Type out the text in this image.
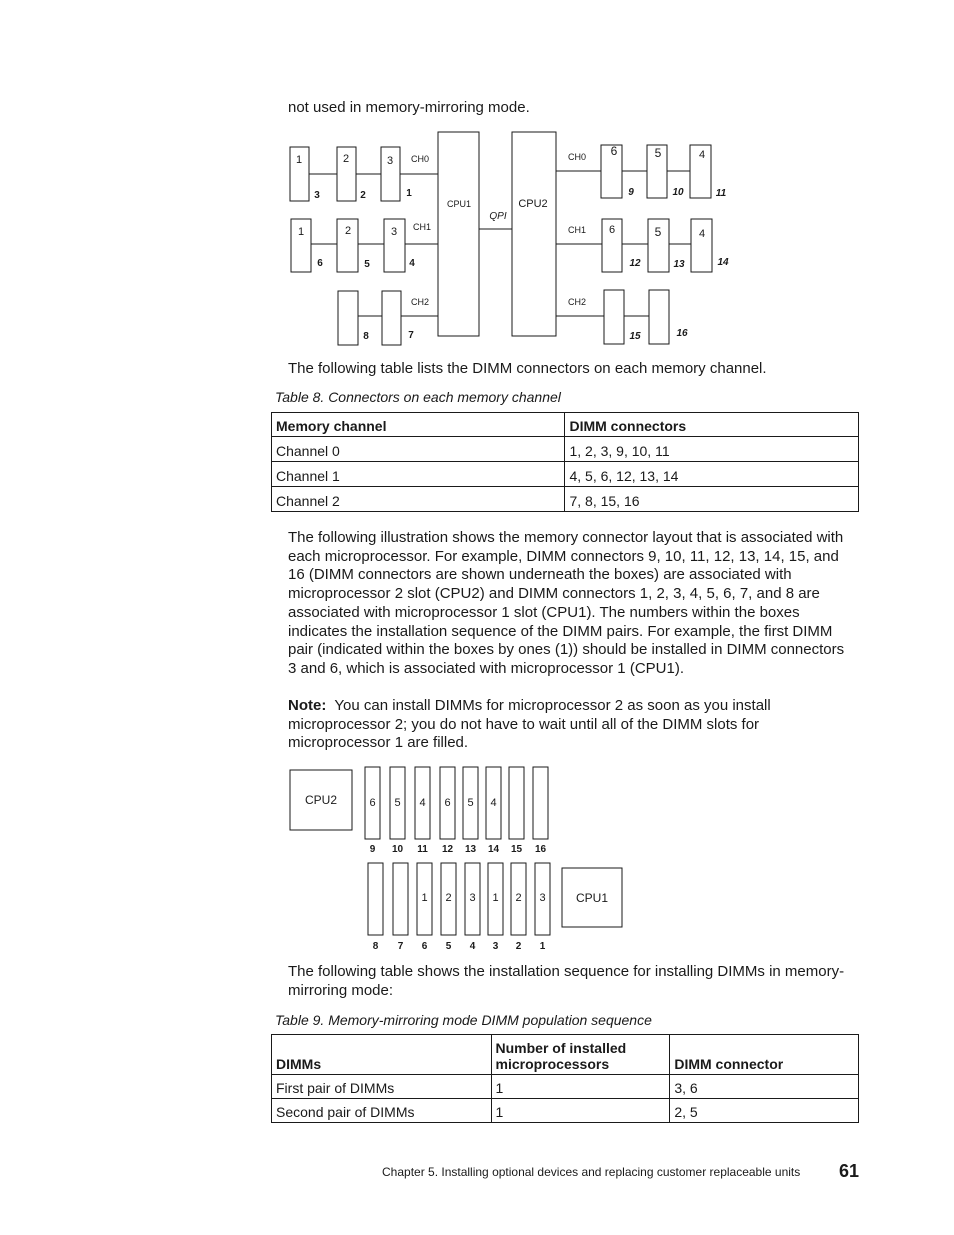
not used in memory-mirroring mode.
CPU1	CPU2
QPI
1	2	3
3	2	1
CH0
1	2	3
6	5	4
CH1
8	7
CH2
6	5	4
9	10	11
CH0
6	5	4
12	13	14
CH1
15	16
CH2
The following table lists the DIMM connectors on each memory channel.
Table 8. Connectors on each memory channel
Memory channel	DIMM connectors
Channel 0	1, 2, 3, 9, 10, 11
Channel 1	4, 5, 6, 12, 13, 14
Channel 2	7, 8, 15, 16
The following illustration shows the memory connector layout that is associated with each microprocessor. For example, DIMM connectors 9, 10, 11, 12, 13, 14, 15, and 16 (DIMM connectors are shown underneath the boxes) are associated with microprocessor 2 slot (CPU2) and DIMM connectors 1, 2, 3, 4, 5, 6, 7, and 8 are associated with microprocessor 1 slot (CPU1). The numbers within the boxes indicates the installation sequence of the DIMM pairs. For example, the first DIMM pair (indicated within the boxes by ones (1)) should be installed in DIMM connectors 3 and 6, which is associated with microprocessor 1 (CPU1).
Note: You can install DIMMs for microprocessor 2 as soon as you install microprocessor 2; you do not have to wait until all of the DIMM slots for microprocessor 1 are filled.
CPU2
CPU1
6
9
5
10
4
11
6
12
5
13
4
14 15 16
8 7
1
6
2
5
3
4
1
3
2
2
3
1
The following table shows the installation sequence for installing DIMMs in memory-mirroring mode:
Table 9. Memory-mirroring mode DIMM population sequence
DIMMs	Number of installed microprocessors	DIMM connector
First pair of DIMMs	1	3, 6
Second pair of DIMMs	1	2, 5
Chapter 5. Installing optional devices and replacing customer replaceable units 61
